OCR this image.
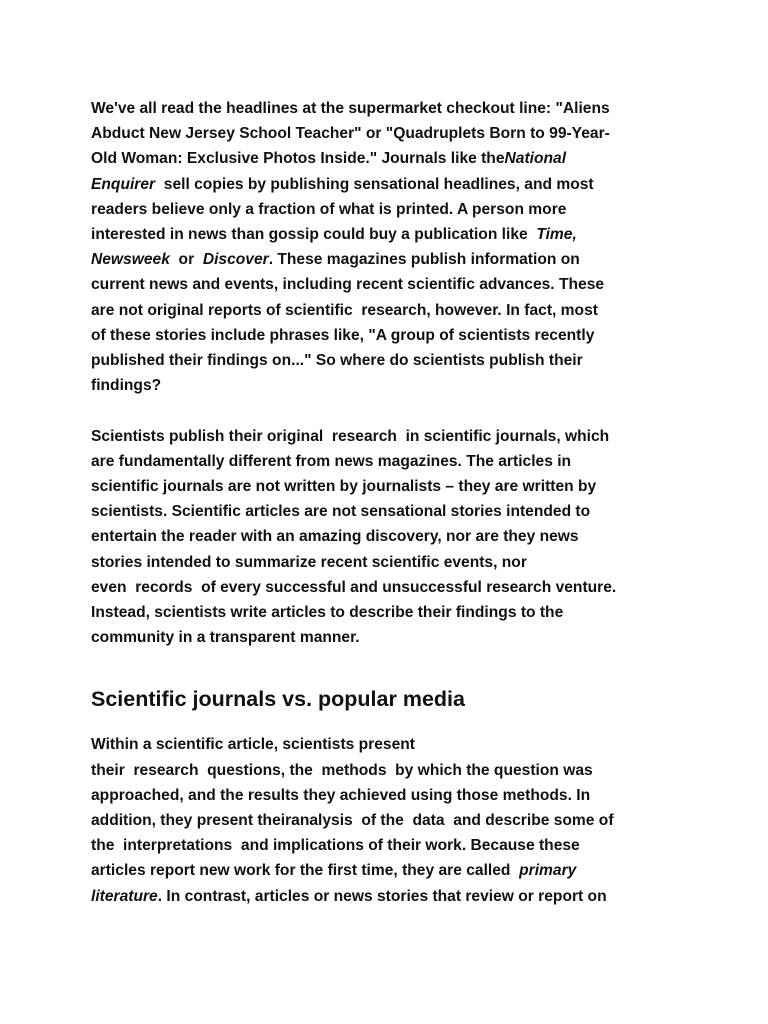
We've all read the headlines at the supermarket checkout line: "Aliens
Abduct New Jersey School Teacher" or "Quadruplets Born to 99-Year-
Old Woman: Exclusive Photos Inside." Journals like theNational
Enquirer  sell copies by publishing sensational headlines, and most
readers believe only a fraction of what is printed. A person more
interested in news than gossip could buy a publication like  Time,
Newsweek  or  Discover. These magazines publish information on
current news and events, including recent scientific advances. These
are not original reports of scientific  research, however. In fact, most
of these stories include phrases like, "A group of scientists recently
published their findings on..." So where do scientists publish their
findings?
Scientists publish their original  research  in scientific journals, which
are fundamentally different from news magazines. The articles in
scientific journals are not written by journalists – they are written by
scientists. Scientific articles are not sensational stories intended to
entertain the reader with an amazing discovery, nor are they news
stories intended to summarize recent scientific events, nor
even  records  of every successful and unsuccessful research venture.
Instead, scientists write articles to describe their findings to the
community in a transparent manner.
Scientific journals vs. popular media
Within a scientific article, scientists present
their  research  questions, the  methods  by which the question was
approached, and the results they achieved using those methods. In
addition, they present theiranalysis  of the  data  and describe some of
the  interpretations  and implications of their work. Because these
articles report new work for the first time, they are called  primary
literature. In contrast, articles or news stories that review or report on
